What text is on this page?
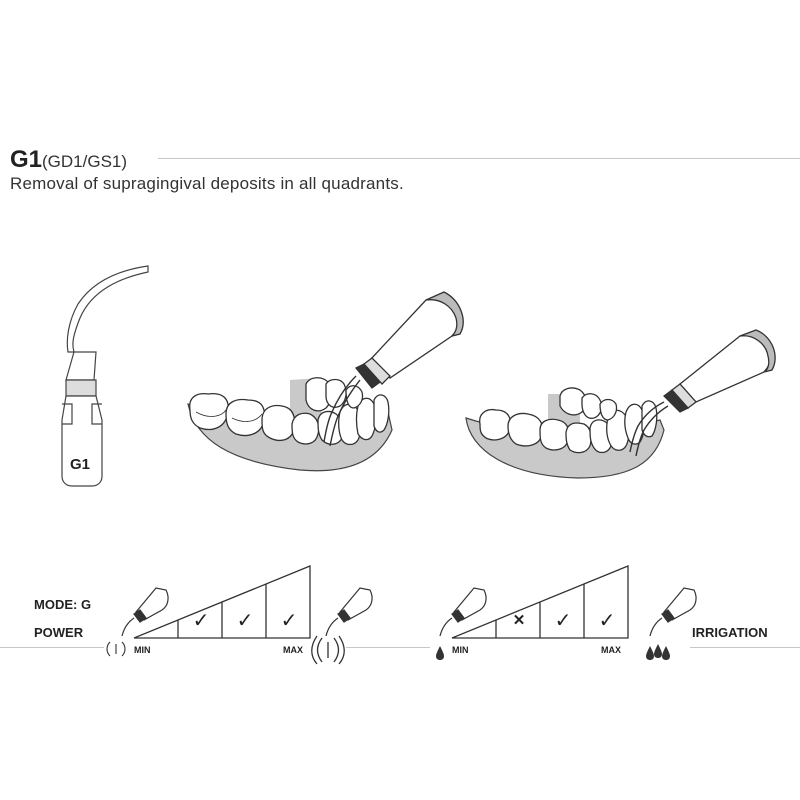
G1(GD1/GS1)
Removal of supragingival deposits in all quadrants.
G1
MODE: G
POWER	IRRIGATION
MIN	MAX	MIN	MAX
✓ ✓ ✓	✕	✓ ✓
